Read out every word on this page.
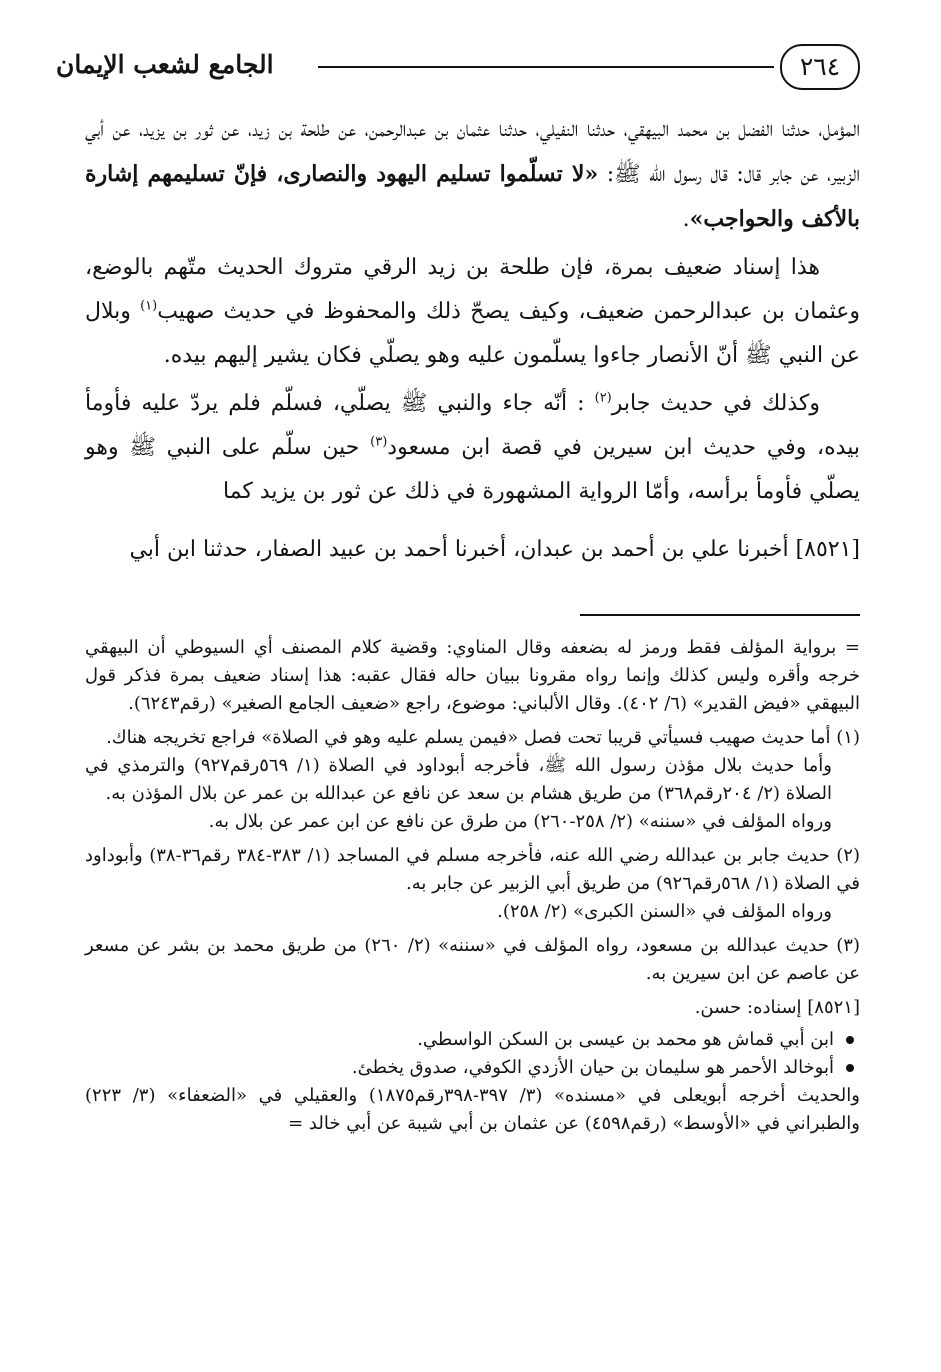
الجامع لشعب الإيمان	٢٦٤

المؤمل، حدثنا الفضل بن محمد البيهقي، حدثنا النفيلي، حدثنا عثمان بن عبدالرحمن، عن طلحة بن زيد، عن ثور بن يزيد، عن أبي الزبير، عن جابر قال: قال رسول الله ﷺ: «لا تسلّموا تسليم اليهود والنصارى، فإنّ تسليمهم إشارة بالأكف والحواجب».

هذا إسناد ضعيف بمرة، فإن طلحة بن زيد الرقي متروك الحديث متّهم بالوضع، وعثمان بن عبدالرحمن ضعيف، وكيف يصحّ ذلك والمحفوظ في حديث صهيب$^{(١)}$ وبلال عن النبي ﷺ أنّ الأنصار جاءوا يسلّمون عليه وهو يصلّي فكان يشير إليهم بيده.

وكذلك في حديث جابر$^{(٢)}$ : أنّه جاء والنبي ﷺ يصلّي، فسلّم فلم يردّ عليه فأومأ بيده، وفي حديث ابن سيرين في قصة ابن مسعود$^{(٣)}$ حين سلّم على النبي ﷺ وهو يصلّي فأومأ برأسه، وأمّا الرواية المشهورة في ذلك عن ثور بن يزيد كما

[٨٥٢١] أخبرنا علي بن أحمد بن عبدان، أخبرنا أحمد بن عبيد الصفار، حدثنا ابن أبي

= برواية المؤلف فقط ورمز له بضعفه وقال المناوي: وقضية كلام المصنف أي السيوطي أن البيهقي خرجه وأقره وليس كذلك وإنما رواه مقرونا ببيان حاله فقال عقبه: هذا إسناد ضعيف بمرة فذكر قول البيهقي «فيض القدير» (٦/ ٤٠٢). وقال الألباني: موضوع، راجع «ضعيف الجامع الصغير» (رقم٦٢٤٣).

(١) أما حديث صهيب فسيأتي قريبا تحت فصل «فيمن يسلم عليه وهو في الصلاة» فراجع تخريجه هناك.

وأما حديث بلال مؤذن رسول الله ﷺ، فأخرجه أبوداود في الصلاة (١/ ٥٦٩رقم٩٢٧) والترمذي في الصلاة (٢/ ٢٠٤رقم٣٦٨) من طريق هشام بن سعد عن نافع عن عبدالله بن عمر عن بلال المؤذن به.

ورواه المؤلف في «سننه» (٢/ ٢٥٨-٢٦٠) من طرق عن نافع عن ابن عمر عن بلال به.

(٢) حديث جابر بن عبدالله رضي الله عنه، فأخرجه مسلم في المساجد (١/ ٣٨٣-٣٨٤ رقم٣٦-٣٨) وأبوداود في الصلاة (١/ ٥٦٨رقم٩٢٦) من طريق أبي الزبير عن جابر به.

ورواه المؤلف في «السنن الكبرى» (٢/ ٢٥٨).

(٣) حديث عبدالله بن مسعود، رواه المؤلف في «سننه» (٢/ ٢٦٠) من طريق محمد بن بشر عن مسعر عن عاصم عن ابن سيرين به.

[٨٥٢١] إسناده: حسن.

ابن أبي قماش هو محمد بن عيسى بن السكن الواسطي.
أبوخالد الأحمر هو سليمان بن حيان الأزدي الكوفي، صدوق يخطئ.

والحديث أخرجه أبويعلى في «مسنده» (٣/ ٣٩٧-٣٩٨رقم١٨٧٥) والعقيلي في «الضعفاء» (٣/ ٢٢٣) والطبراني في «الأوسط» (رقم٤٥٩٨) عن عثمان بن أبي شيبة عن أبي خالد =
